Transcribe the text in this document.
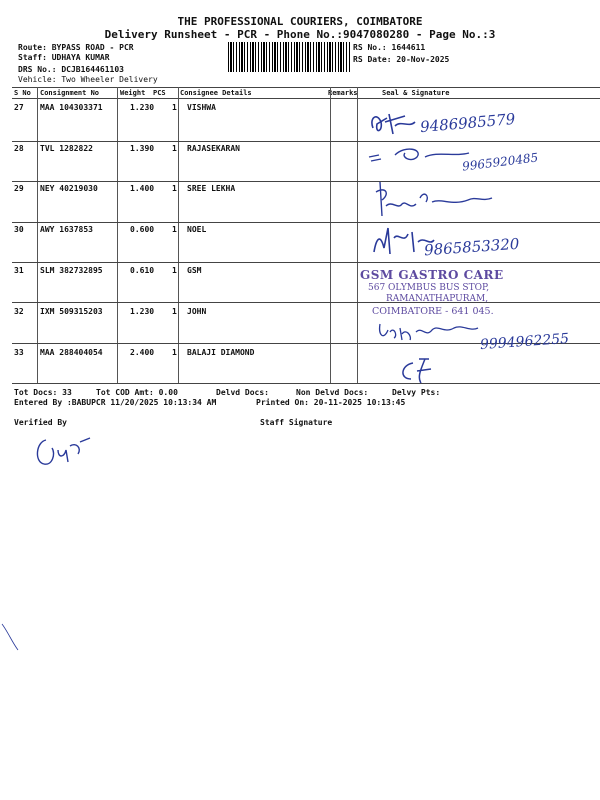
THE PROFESSIONAL COURIERS, COIMBATORE
Delivery Runsheet - PCR - Phone No.:9047080280 - Page No.:3
Route: BYPASS ROAD - PCR
Staff: UDHAYA KUMAR
DRS No.: DCJB164461103
Vehicle: Two Wheeler Delivery
RS No.: 1644611
RS Date: 20-Nov-2025
S No Consignment No	Weight PCS Consignee Details	Remarks	Seal & Signature
27 MAA 104303371	1.230 1 VISHWA
28 TVL 1282822	1.390 1 RAJASEKARAN
29 NEY 40219030	1.400 1 SREE LEKHA
30 AWY 1637853	0.600 1 NOEL
31 SLM 382732895	0.610 1 GSM
32 IXM 509315203	1.230 1 JOHN
33 MAA 288404054	2.400 1 BALAJI DIAMOND
9486985579
9965920485
9865853320
GSM GASTRO CARE
567 OLYMBUS BUS STOP,
RAMANATHAPURAM,
COIMBATORE - 641 045.
9994962255
Tot Docs: 33	Tot COD Amt: 0.00	Delvd Docs:	Non Delvd Docs:	Delvy Pts:
Entered By :BABUPCR 11/20/2025 10:13:34 AM	Printed On: 20-11-2025 10:13:45
Verified By	Staff Signature
